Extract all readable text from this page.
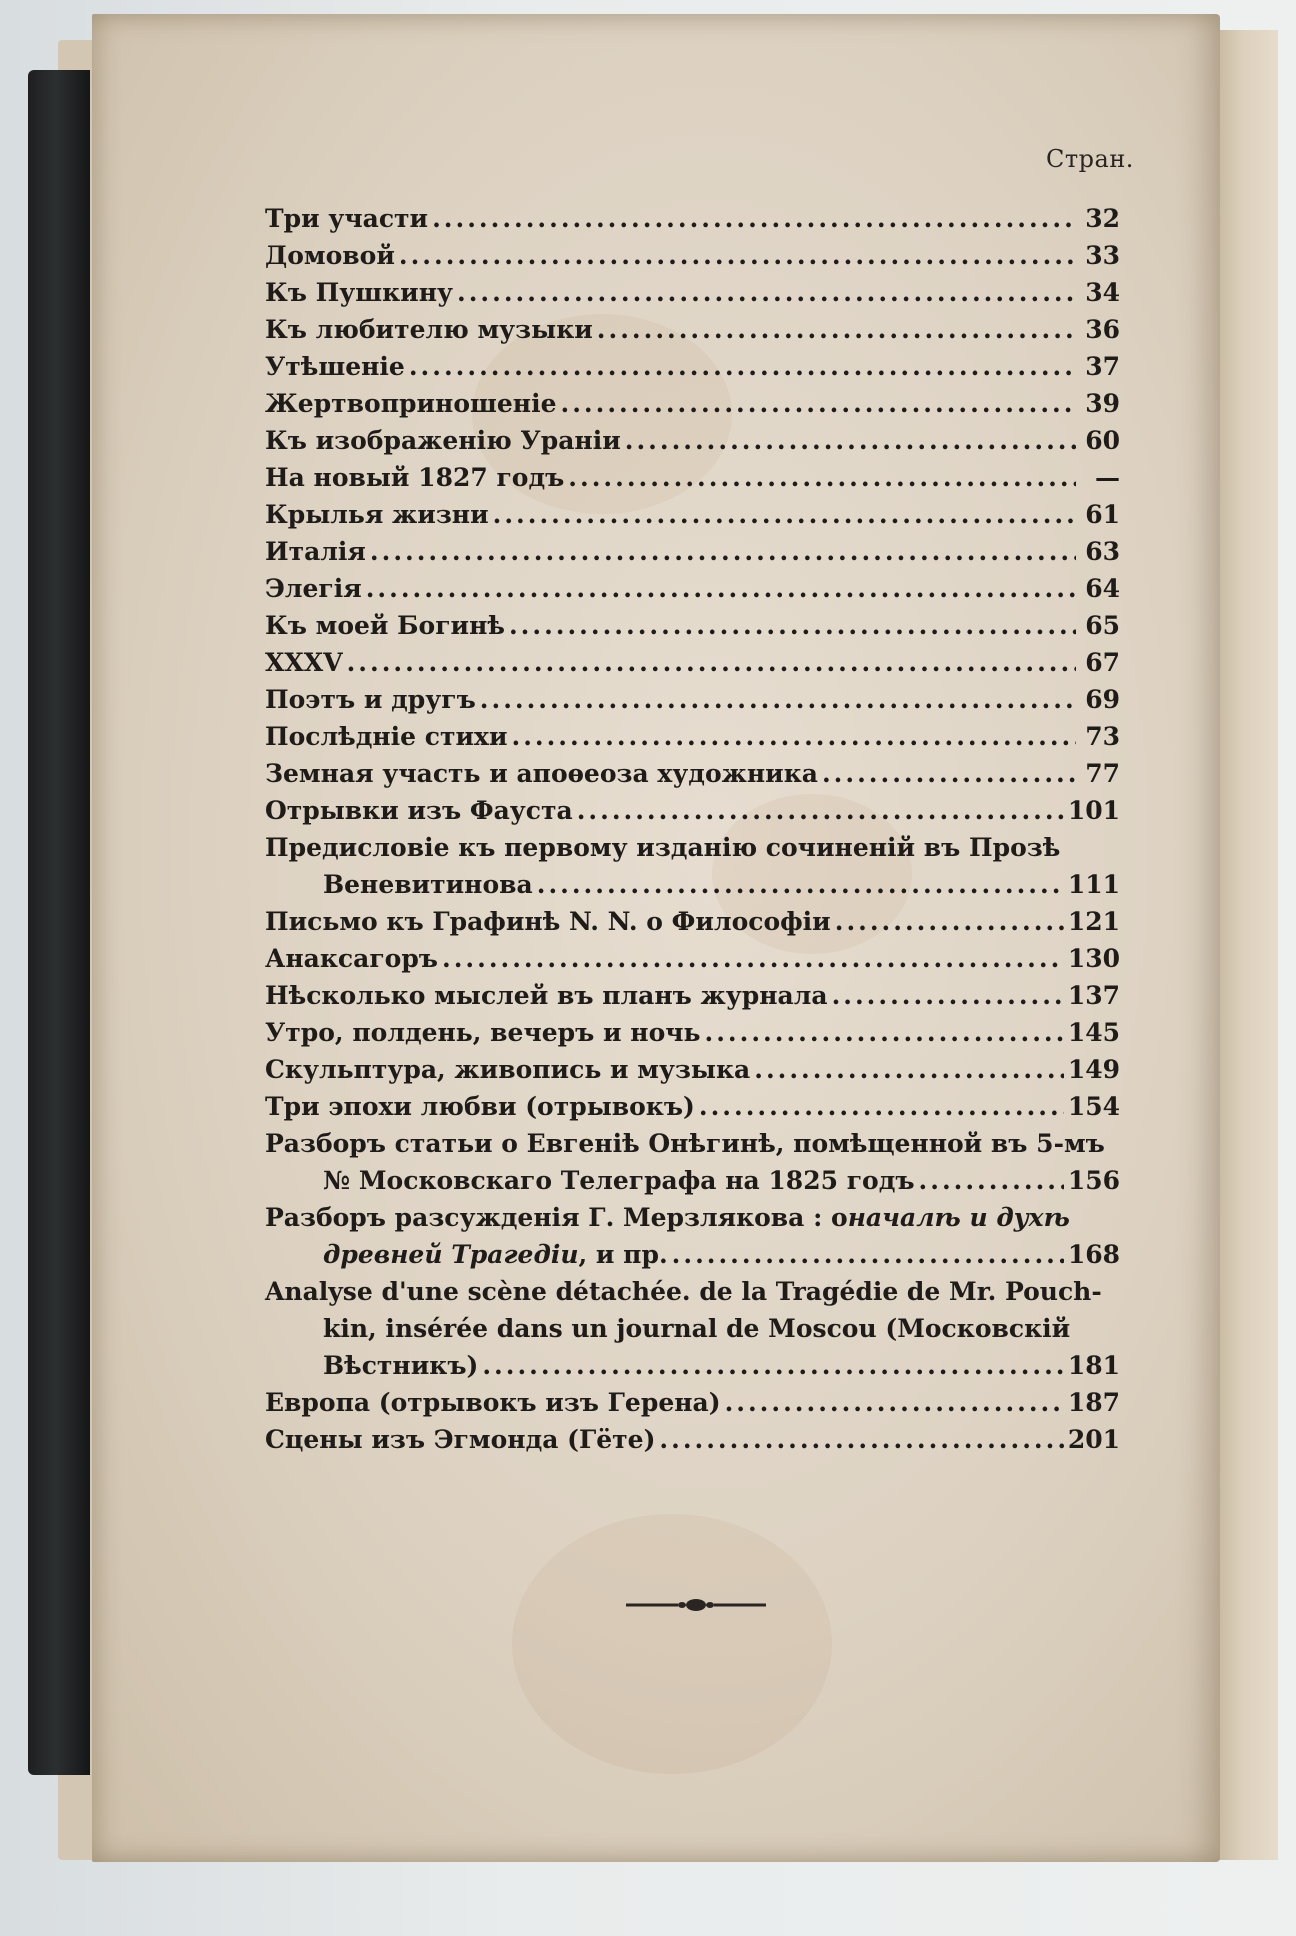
Стран.
Три участи .....	32
Домовой .....	33
Къ Пушкину .....	34
Къ любителю музыки .....	36
Утѣшеніе .....	37
Жертвоприношеніе .....	39
Къ изображенію Ураніи .....	60
На новый 1827 годъ .....	—
Крылья жизни .....	61
Италія .....	63
Элегія .....	64
Къ моей Богинѣ .....	65
XXXV .....	67
Поэтъ и другъ .....	69
Послѣдніе стихи .....	73
Земная участь и апоѳеоза художника .....	77
Отрывки изъ Фауста .....	101
Предисловіе къ первому изданію сочиненій въ Прозѣ
Веневитинова .....	111
Письмо къ Графинѣ N. N. о Философіи .....	121
Анаксагоръ .....	130
Нѣсколько мыслей въ планъ журнала .....	137
Утро, полдень, вечеръ и ночь .....	145
Скульптура, живопись и музыка .....	149
Три эпохи любви (отрывокъ) .....	154
Разборъ статьи о Евгеніѣ Онѣгинѣ, помѣщенной въ 5-мъ
№ Московскаго Телеграфа на 1825 годъ .....	156
Разборъ разсужденія Г. Мерзлякова : о началѣ и духѣ
древней Трагедіи , и пр. .....	168
Analyse d'une scène détachée. de la Tragédie de Mr. Pouch-
kin, insérée dans un journal de Moscou (Московскій
Вѣстникъ) .....	181
Европа (отрывокъ изъ Герена) .....	187
Сцены изъ Эгмонда (Гёте) .....	201
